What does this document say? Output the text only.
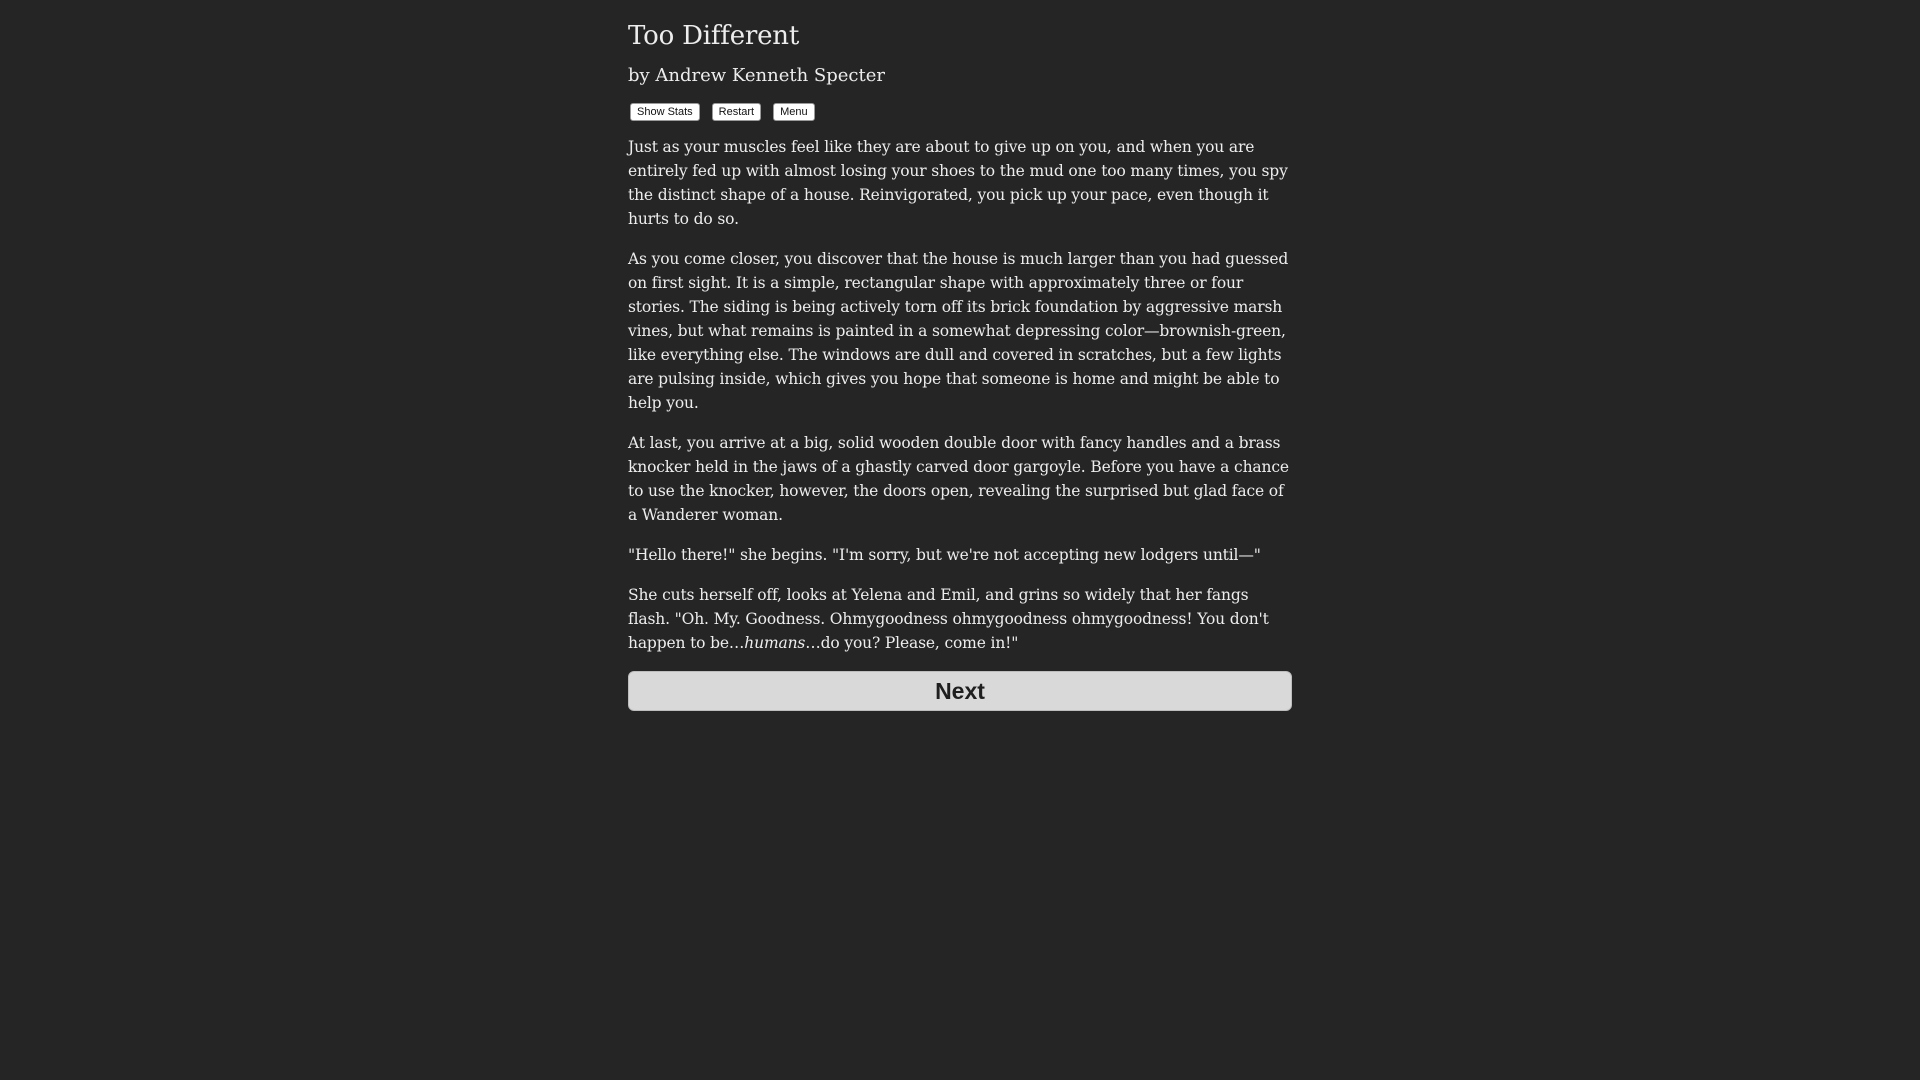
Too Different
by Andrew Kenneth Specter
Show Stats	Restart	Menu

Just as your muscles feel like they are about to give up on you, and when you are entirely fed up with almost losing your shoes to the mud one too many times, you spy the distinct shape of a house. Reinvigorated, you pick up your pace, even though it hurts to do so.

As you come closer, you discover that the house is much larger than you had guessed on first sight. It is a simple, rectangular shape with approximately three or four stories. The siding is being actively torn off its brick foundation by aggressive marsh vines, but what remains is painted in a somewhat depressing color—brownish-green, like everything else. The windows are dull and covered in scratches, but a few lights are pulsing inside, which gives you hope that someone is home and might be able to help you.

At last, you arrive at a big, solid wooden double door with fancy handles and a brass knocker held in the jaws of a ghastly carved door gargoyle. Before you have a chance to use the knocker, however, the doors open, revealing the surprised but glad face of a Wanderer woman.

"Hello there!" she begins. "I'm sorry, but we're not accepting new lodgers until—"

She cuts herself off, looks at Yelena and Emil, and grins so widely that her fangs flash. "Oh. My. Goodness. Ohmygoodness ohmygoodness ohmygoodness! You don't happen to be…humans…do you? Please, come in!"

Next
